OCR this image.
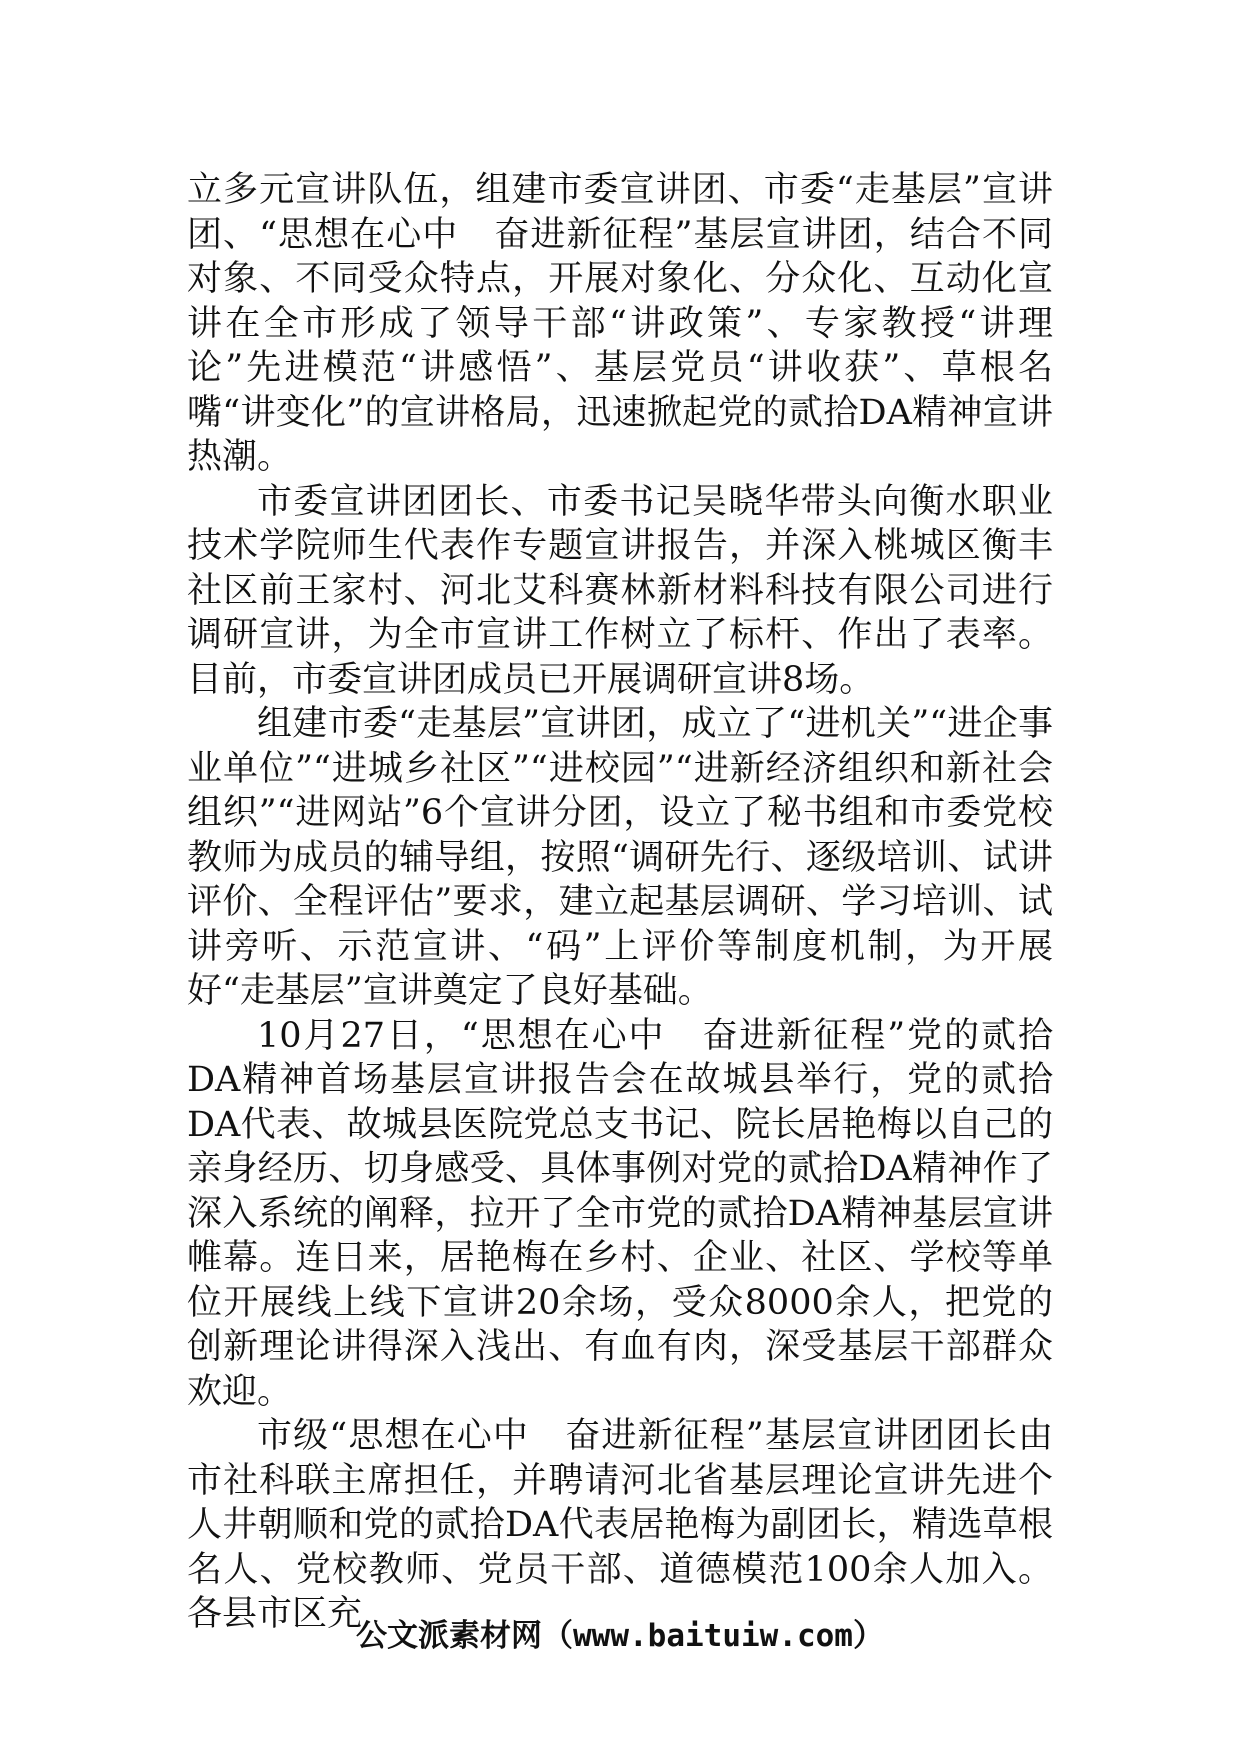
立多元宣讲队伍，组建市委宣讲团、市委“走基层”宣讲团、“思想在心中　奋进新征程”基层宣讲团，结合不同对象、不同受众特点，开展对象化、分众化、互动化宣讲在全市形成了领导干部“讲政策”、专家教授“讲理论”先进模范“讲感悟”、基层党员“讲收获”、草根名嘴“讲变化”的宣讲格局，迅速掀起党的贰拾DA精神宣讲热潮。

市委宣讲团团长、市委书记吴晓华带头向衡水职业技术学院师生代表作专题宣讲报告，并深入桃城区衡丰社区前王家村、河北艾科赛林新材料科技有限公司进行调研宣讲，为全市宣讲工作树立了标杆、作出了表率。目前，市委宣讲团成员已开展调研宣讲8场。

组建市委“走基层”宣讲团，成立了“进机关”“进企事业单位”“进城乡社区”“进校园”“进新经济组织和新社会组织”“进网站”6个宣讲分团，设立了秘书组和市委党校教师为成员的辅导组，按照“调研先行、逐级培训、试讲评价、全程评估”要求，建立起基层调研、学习培训、试讲旁听、示范宣讲、“码”上评价等制度机制，为开展好“走基层”宣讲奠定了良好基础。

10月27日，“思想在心中　奋进新征程”党的贰拾DA精神首场基层宣讲报告会在故城县举行，党的贰拾DA代表、故城县医院党总支书记、院长居艳梅以自己的亲身经历、切身感受、具体事例对党的贰拾DA精神作了深入系统的阐释，拉开了全市党的贰拾DA精神基层宣讲帷幕。连日来，居艳梅在乡村、企业、社区、学校等单位开展线上线下宣讲20余场，受众8000余人，把党的创新理论讲得深入浅出、有血有肉，深受基层干部群众欢迎。

市级“思想在心中　奋进新征程”基层宣讲团团长由市社科联主席担任，并聘请河北省基层理论宣讲先进个人井朝顺和党的贰拾DA代表居艳梅为副团长，精选草根名人、党校教师、党员干部、道德模范100余人加入。各县市区充

公文派素材网（www.baituiw.com）
